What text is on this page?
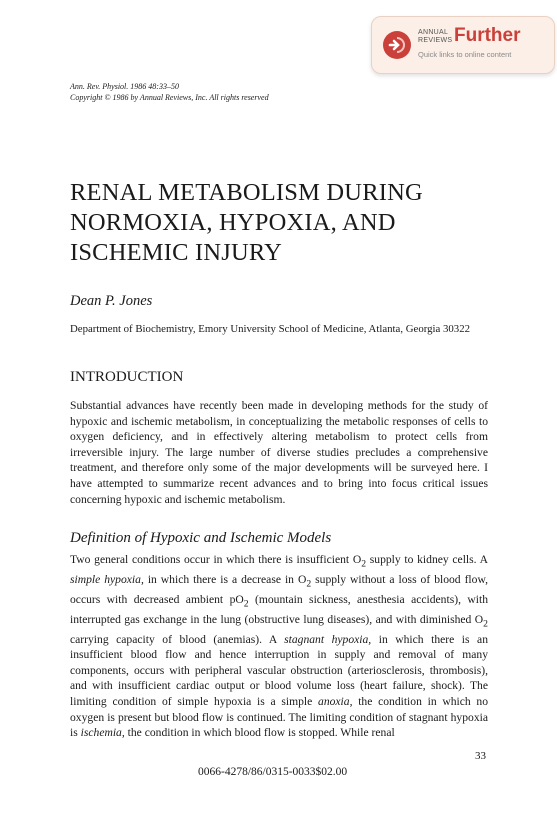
ANNUAL REVIEWS Further
Quick links to online content
Ann. Rev. Physiol. 1986 48:33–50
Copyright © 1986 by Annual Reviews, Inc. All rights reserved
RENAL METABOLISM DURING NORMOXIA, HYPOXIA, AND ISCHEMIC INJURY
Dean P. Jones
Department of Biochemistry, Emory University School of Medicine, Atlanta, Georgia 30322
INTRODUCTION

Substantial advances have recently been made in developing methods for the study of hypoxic and ischemic metabolism, in conceptualizing the metabolic responses of cells to oxygen deficiency, and in effectively altering metabolism to protect cells from irreversible injury. The large number of diverse studies precludes a comprehensive treatment, and therefore only some of the major developments will be surveyed here. I have attempted to summarize recent advances and to bring into focus critical issues concerning hypoxic and ischemic metabolism.

Definition of Hypoxic and Ischemic Models

Two general conditions occur in which there is insufficient $O_2$ supply to kidney cells. A simple hypoxia, in which there is a decrease in $O_2$ supply without a loss of blood flow, occurs with decreased ambient $pO_2$ (mountain sickness, anesthesia accidents), with interrupted gas exchange in the lung (obstructive lung diseases), and with diminished $O_2$ carrying capacity of blood (anemias). A stagnant hypoxia, in which there is an insufficient blood flow and hence interruption in supply and removal of many components, occurs with peripheral vascular obstruction (arteriosclerosis, thrombosis), and with insufficient cardiac output or blood volume loss (heart failure, shock). The limiting condition of simple hypoxia is a simple anoxia, the condition in which no oxygen is present but blood flow is continued. The limiting condition of stagnant hypoxia is ischemia, the condition in which blood flow is stopped. While renal

33
0066-4278/86/0315-0033$02.00
